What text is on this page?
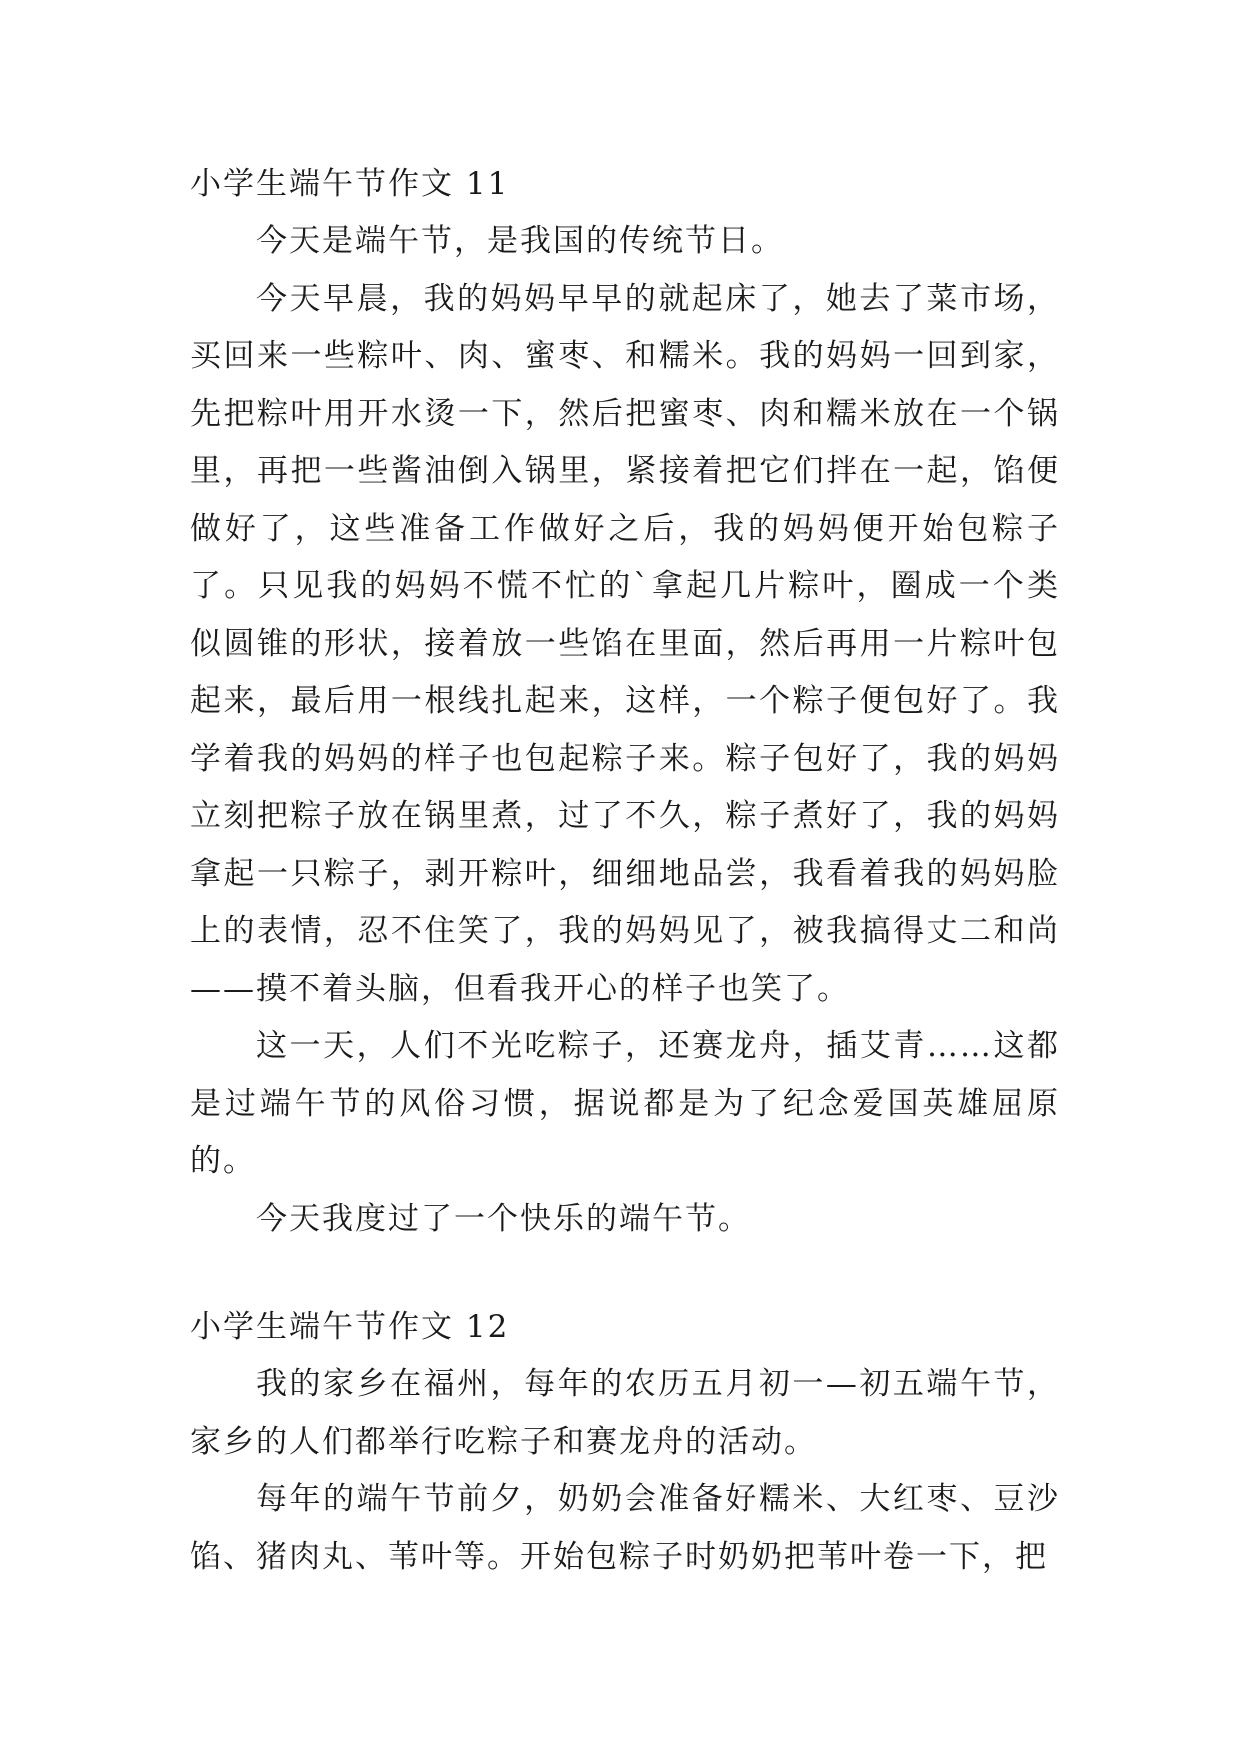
小学生端午节作文 11

今天是端午节，是我国的传统节日。

今天早晨，我的妈妈早早的就起床了，她去了菜市场，买回来一些粽叶、肉、蜜枣、和糯米。我的妈妈一回到家，先把粽叶用开水烫一下，然后把蜜枣、肉和糯米放在一个锅里，再把一些酱油倒入锅里，紧接着把它们拌在一起，馅便做好了，这些准备工作做好之后，我的妈妈便开始包粽子了。只见我的妈妈不慌不忙的`拿起几片粽叶，圈成一个类似圆锥的形状，接着放一些馅在里面，然后再用一片粽叶包起来，最后用一根线扎起来，这样，一个粽子便包好了。我学着我的妈妈的样子也包起粽子来。粽子包好了，我的妈妈立刻把粽子放在锅里煮，过了不久，粽子煮好了，我的妈妈拿起一只粽子，剥开粽叶，细细地品尝，我看着我的妈妈脸上的表情，忍不住笑了，我的妈妈见了，被我搞得丈二和尚——摸不着头脑，但看我开心的样子也笑了。

这一天，人们不光吃粽子，还赛龙舟，插艾青……这都是过端午节的风俗习惯，据说都是为了纪念爱国英雄屈原的。

今天我度过了一个快乐的端午节。

小学生端午节作文 12

我的家乡在福州，每年的农历五月初一—初五端午节，家乡的人们都举行吃粽子和赛龙舟的活动。

每年的端午节前夕，奶奶会准备好糯米、大红枣、豆沙馅、猪肉丸、苇叶等。开始包粽子时奶奶把苇叶卷一下，把
